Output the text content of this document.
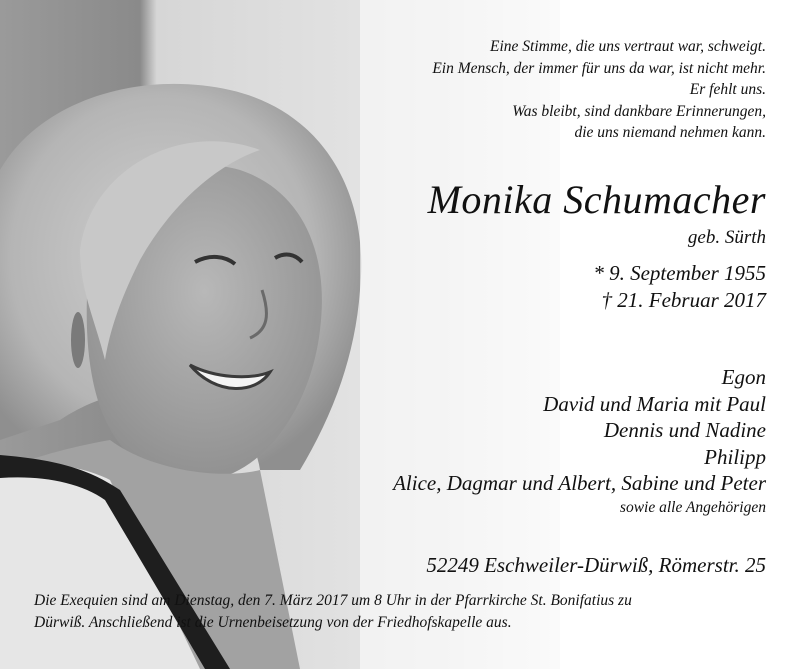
Eine Stimme, die uns vertraut war, schweigt.
Ein Mensch, der immer für uns da war, ist nicht mehr.
Er fehlt uns.
Was bleibt, sind dankbare Erinnerungen,
die uns niemand nehmen kann.
Monika Schumacher
geb. Sürth
* 9. September 1955
† 21. Februar 2017
Egon
David und Maria mit Paul
Dennis und Nadine
Philipp
Alice, Dagmar und Albert, Sabine und Peter
sowie alle Angehörigen
52249 Eschweiler-Dürwiß, Römerstr. 25
Die Exequien sind am Dienstag, den 7. März 2017 um 8 Uhr in der Pfarrkirche St. Bonifatius zu
Dürwiß. Anschließend ist die Urnenbeisetzung von der Friedhofskapelle aus.
